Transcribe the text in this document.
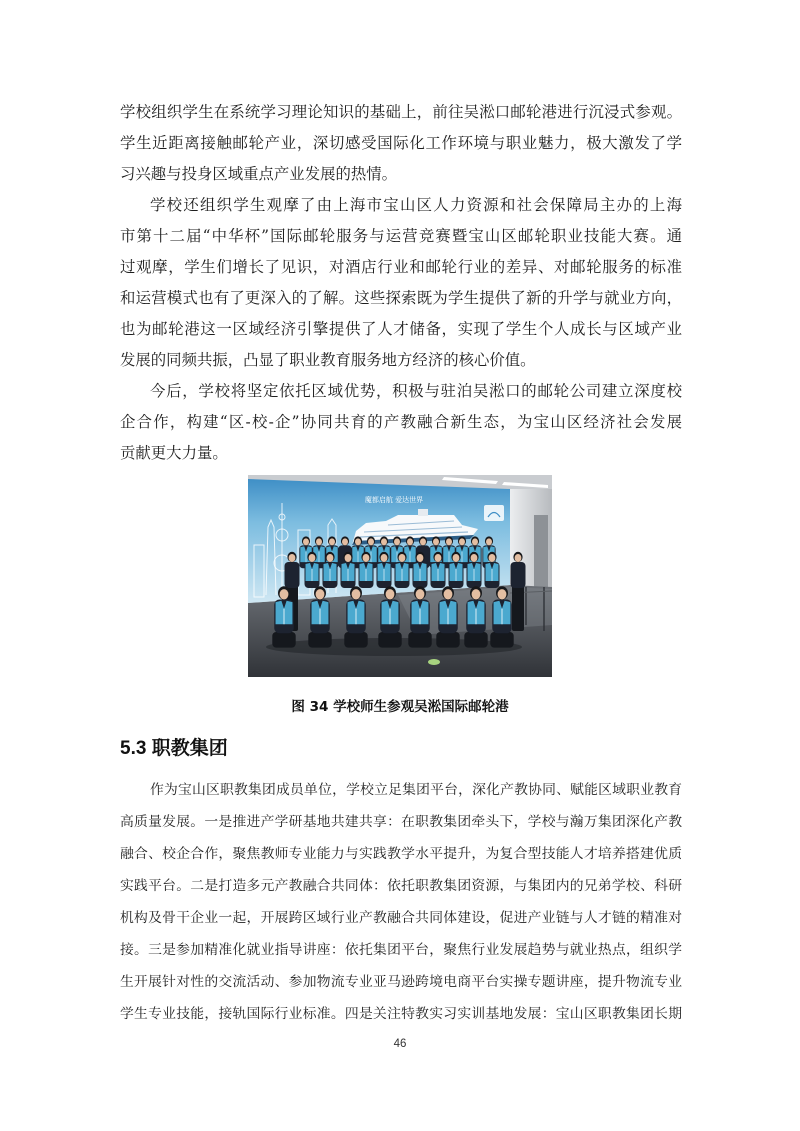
学校组织学生在系统学习理论知识的基础上，前往吴淞口邮轮港进行沉浸式参观。
学生近距离接触邮轮产业，深切感受国际化工作环境与职业魅力，极大激发了学
习兴趣与投身区域重点产业发展的热情。
学校还组织学生观摩了由上海市宝山区人力资源和社会保障局主办的上海
市第十二届“中华杯”国际邮轮服务与运营竞赛暨宝山区邮轮职业技能大赛。通
过观摩，学生们增长了见识，对酒店行业和邮轮行业的差异、对邮轮服务的标准
和运营模式也有了更深入的了解。这些探索既为学生提供了新的升学与就业方向，
也为邮轮港这一区域经济引擎提供了人才储备，实现了学生个人成长与区域产业
发展的同频共振，凸显了职业教育服务地方经济的核心价值。
今后，学校将坚定依托区域优势，积极与驻泊吴淞口的邮轮公司建立深度校
企合作，构建“区-校-企”协同共育的产教融合新生态，为宝山区经济社会发展
贡献更大力量。
魔都启航 爱达世界
图 34 学校师生参观吴淞国际邮轮港
5.3 职教集团
作为宝山区职教集团成员单位，学校立足集团平台，深化产教协同、赋能区域职业教育
高质量发展。一是推进产学研基地共建共享：在职教集团牵头下，学校与瀚万集团深化产教
融合、校企合作，聚焦教师专业能力与实践教学水平提升，为复合型技能人才培养搭建优质
实践平台。二是打造多元产教融合共同体：依托职教集团资源，与集团内的兄弟学校、科研
机构及骨干企业一起，开展跨区域行业产教融合共同体建设，促进产业链与人才链的精准对
接。三是参加精准化就业指导讲座：依托集团平台，聚焦行业发展趋势与就业热点，组织学
生开展针对性的交流活动、参加物流专业亚马逊跨境电商平台实操专题讲座，提升物流专业
学生专业技能，接轨国际行业标准。四是关注特教实习实训基地发展：宝山区职教集团长期
46
